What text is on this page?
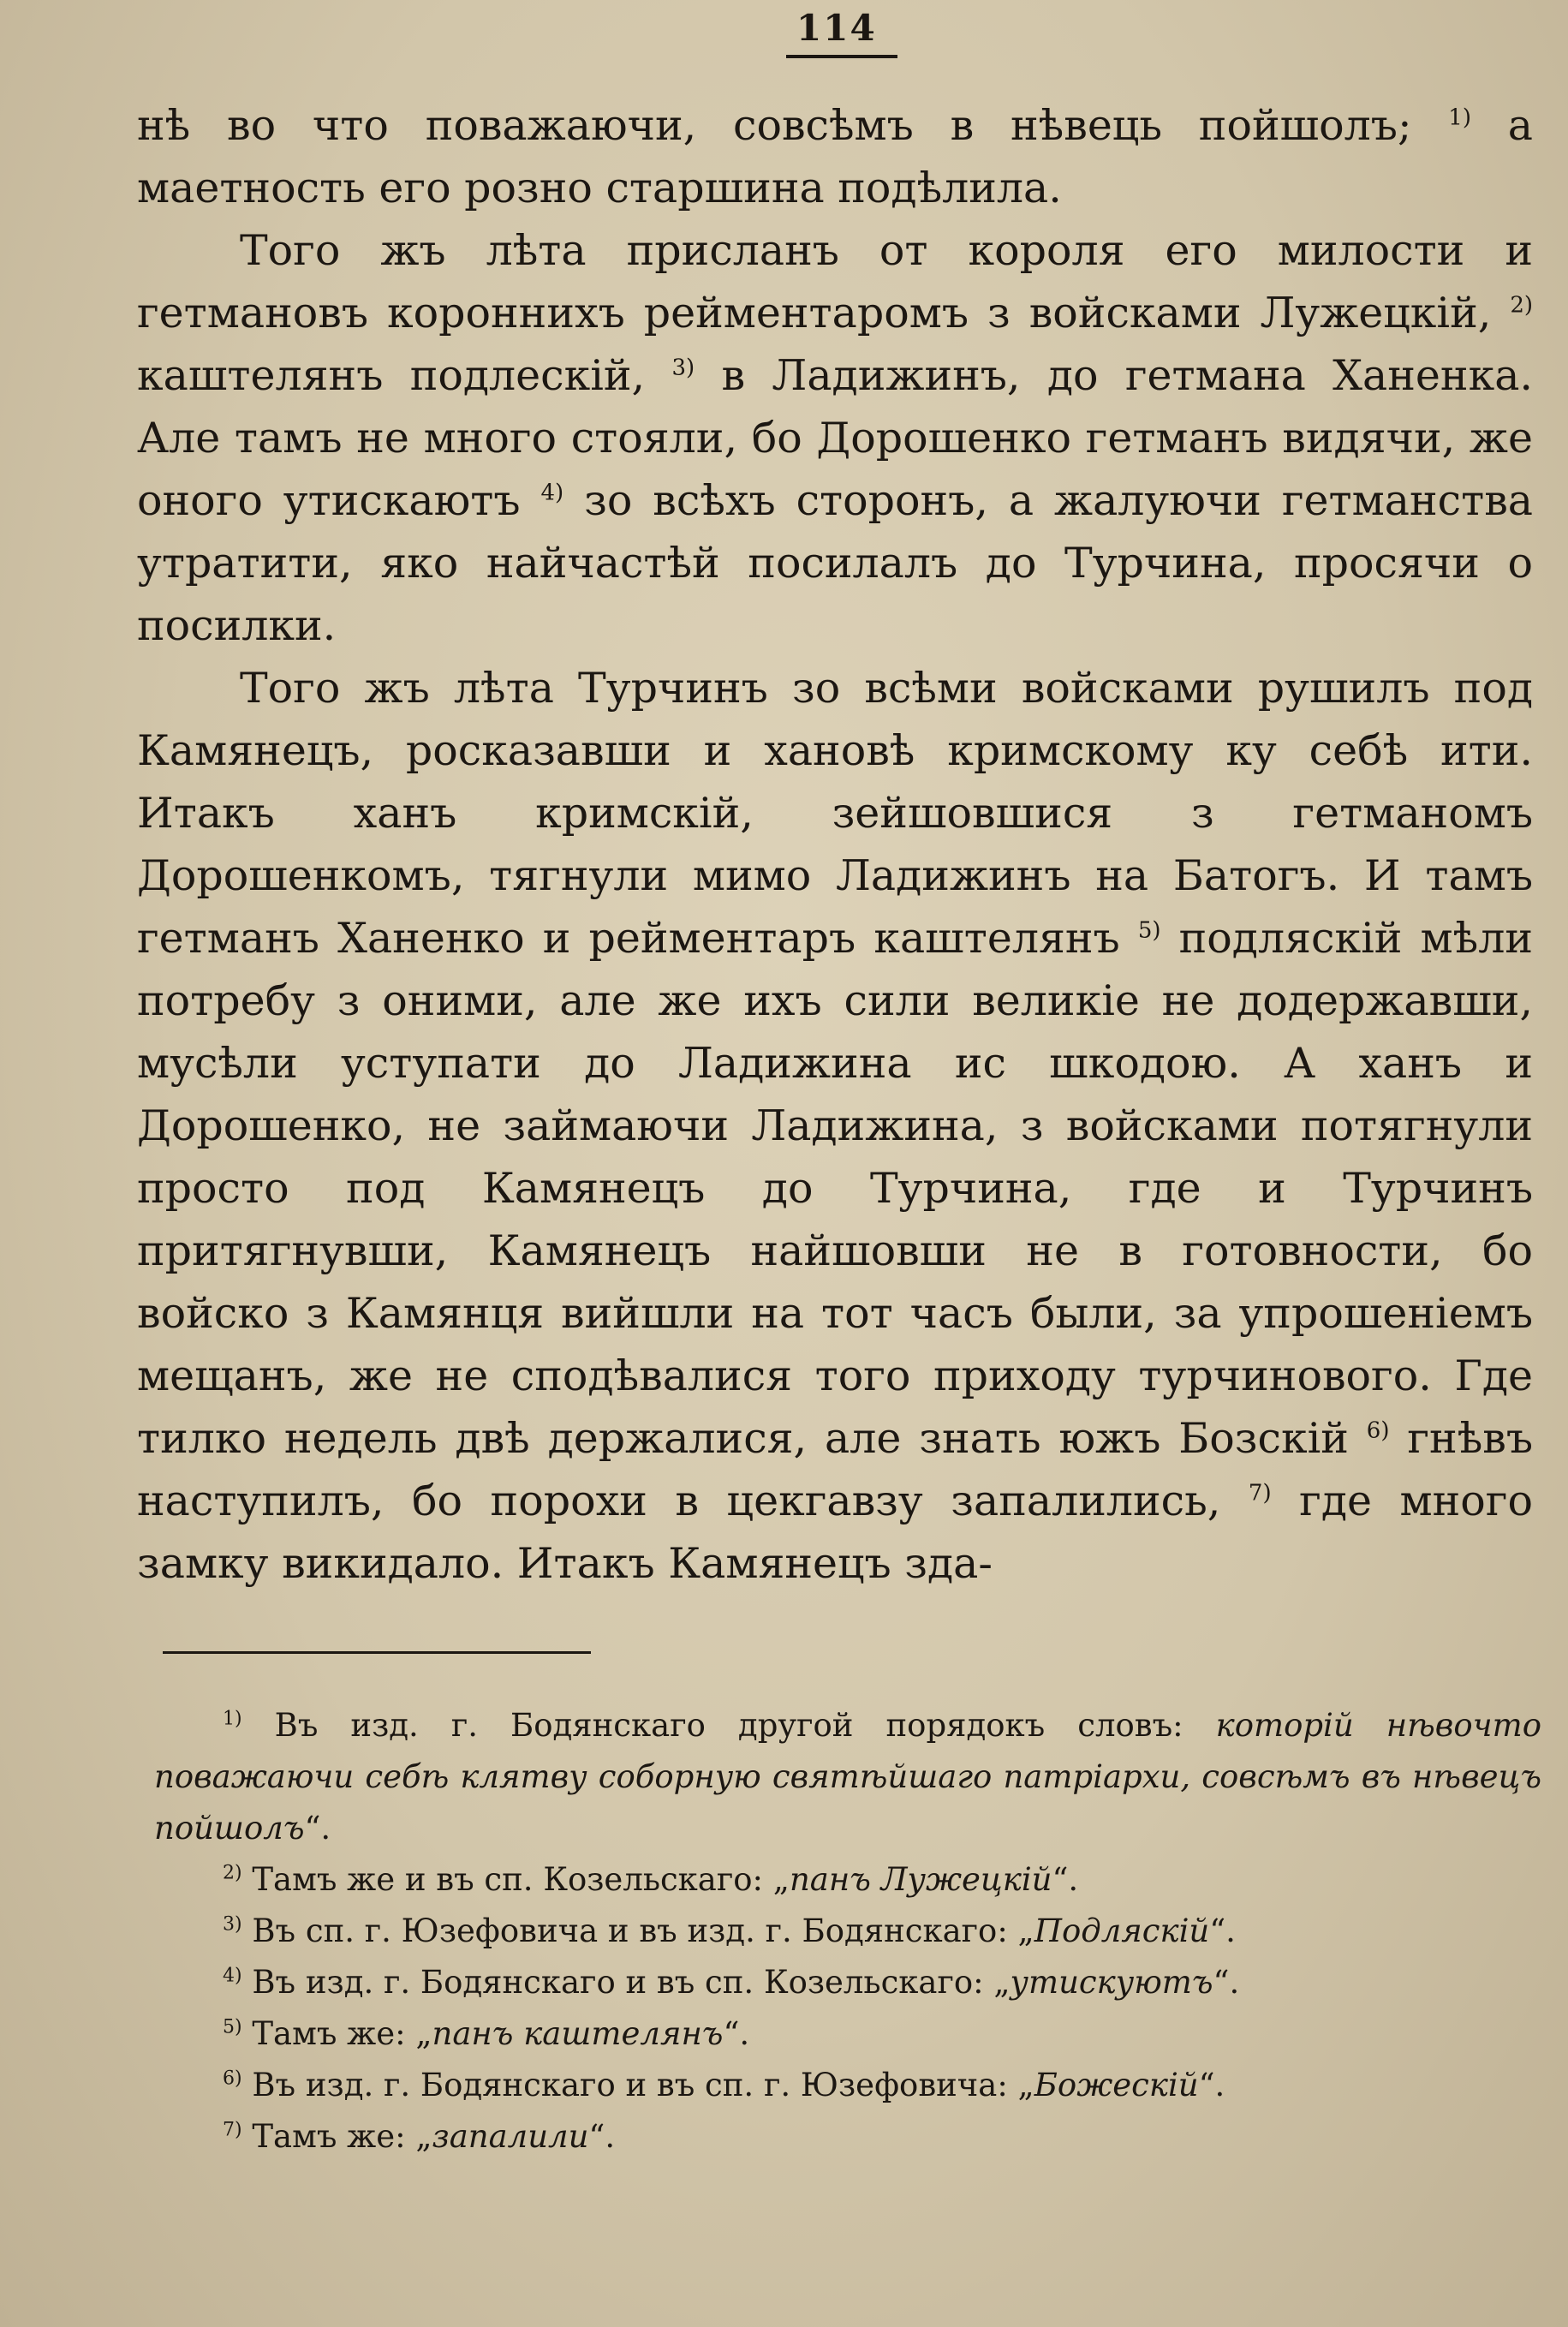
114

нѣ во что поважаючи, совсѣмъ в нѣвець пойшолъ; $^{1)}$ а маетность его розно старшина подѣлила.

Того жъ лѣта присланъ от короля его милости и гетмановъ короннихъ рейментаромъ з войсками Лужецкій, $^{2)}$ каштелянъ подлескій, $^{3)}$ в Ладижинъ, до гетмана Ханенка. Але тамъ не много стояли, бо Дорошенко гетманъ видячи, же оного утискаютъ $^{4)}$ зо всѣхъ сторонъ, а жалуючи гетманства утратити, яко найчастѣй посилалъ до Турчина, просячи о посилки.

Того жъ лѣта Турчинъ зо всѣми войсками рушилъ под Камянецъ, росказавши и хановѣ кримскому ку себѣ ити. Итакъ ханъ кримскій, зейшовшися з гетманомъ Дорошенкомъ, тягнули мимо Ладижинъ на Батогъ. И тамъ гетманъ Ханенко и рейментаръ каштелянъ $^{5)}$ подляскій мѣли потребу з оними, але же ихъ сили великіе не додержавши, мусѣли уступати до Ладижина ис шкодою. А ханъ и Дорошенко, не займаючи Ладижина, з войсками потягнули просто под Камянецъ до Турчина, где и Турчинъ притягнувши, Камянецъ найшовши не в готовности, бо войско з Камянця вийшли на тот часъ были, за упрошеніемъ мещанъ, же не сподѣвалися того приходу турчинового. Где тилко недель двѣ держалися, але знать южъ Бозскій $^{6)}$ гнѣвъ наступилъ, бо порохи в цекгавзу запалились, $^{7)}$ где много замку викидало. Итакъ Камянецъ зда-

$^{1)}$ Въ изд. г. Бодянскаго другой порядокъ словъ: которій нѣвочто поважаючи себѣ клятву соборную святѣйшаго патріархи, совсѣмъ въ нѣвецъ пойшолъ“.

$^{2)}$ Тамъ же и въ сп. Козельскаго: „панъ Лужецкій“.

$^{3)}$ Въ сп. г. Юзефовича и въ изд. г. Бодянскаго: „Подляскій“.

$^{4)}$ Въ изд. г. Бодянскаго и въ сп. Козельскаго: „утискуютъ“.

$^{5)}$ Тамъ же: „панъ каштелянъ“.

$^{6)}$ Въ изд. г. Бодянскаго и въ сп. г. Юзефовича: „Божескій“.

$^{7)}$ Тамъ же: „запалили“.
